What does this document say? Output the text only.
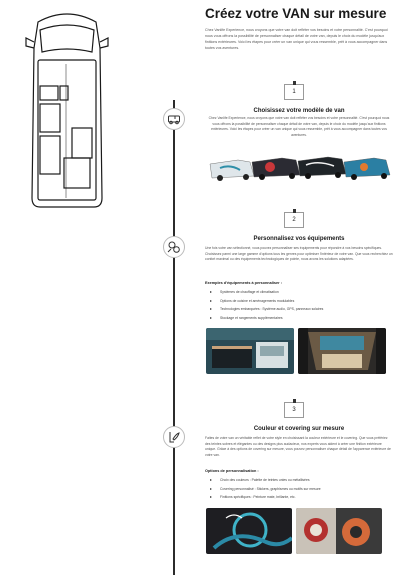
Créez votre VAN sur mesure

Chez Vanlife Experience, nous croyons que votre van doit refléter vos besoins et votre personnalité. C'est pourquoi nous vous offrons la possibilité de personnaliser chaque détail de votre van, depuis le choix du modèle jusqu'aux finitions extérieures. Voici les étapes pour créer un van unique qui vous ressemble, prêt à vous accompagner dans toutes vos aventures.

1
Choisissez votre modèle de van

Chez Vanlife Experience, nous croyons que votre van doit refléter vos besoins et votre personnalité. C'est pourquoi nous vous offrons la possibilité de personnaliser chaque détail de votre van, depuis le choix du modèle jusqu'aux finitions extérieures. Voici les étapes pour créer un van unique qui vous ressemble, prêt à vous accompagner dans toutes vos aventures.

2
Personnalisez vos équipements

Une fois votre van sélectionné, vous pouvez personnaliser ses équipements pour répondre à vos besoins spécifiques. Choisissez parmi une large gamme d'options tous les genres pour optimiser l'intérieur de votre van. Que vous recherchiez un confort maximal ou des équipements technologiques de pointe, nous avons les solutions adaptées.

Exemples d'équipements à personnaliser :
▸ Systèmes de chauffage et climatisation
▸ Options de cuisine et aménagements modulables
▸ Technologies embarquées : Système audio, GPS, panneaux solaires
▸ Stockage et rangements supplémentaires
3
Couleur et covering sur mesure

Faites de votre van un véritable reflet de votre style en choisissant la couleur extérieure et le covering. Que vous préfériez des teintes sobres et élégantes ou des designs plus audacieux, nos experts vous aident à créer une finition extérieure unique. Grâce à des options de covering sur mesure, vous pouvez personnaliser chaque détail de l'apparence extérieure de votre van.

Options de personnalisation :
▸ Choix des couleurs : Palette de teintes unies ou métallisées
▸ Covering personnalisé : Stickers, graphismes ou motifs sur mesure
▸ Finitions spécifiques : Peinture mate, brillante, etc.
